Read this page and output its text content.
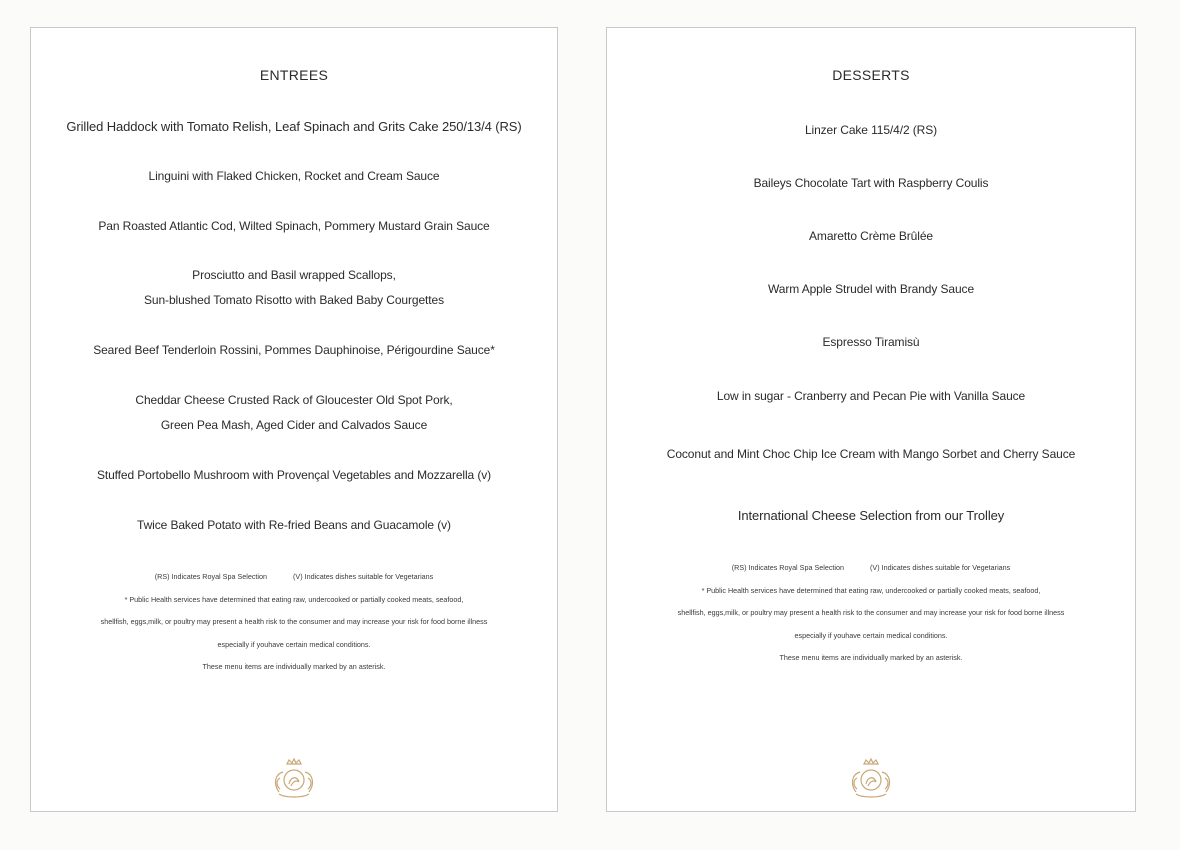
ENTREES
Grilled Haddock with Tomato Relish, Leaf Spinach and Grits Cake 250/13/4 (RS)
Linguini with Flaked Chicken, Rocket and Cream Sauce
Pan Roasted Atlantic Cod, Wilted Spinach, Pommery Mustard Grain Sauce
Prosciutto and Basil wrapped Scallops,
Sun-blushed Tomato Risotto with Baked Baby Courgettes
Seared Beef Tenderloin Rossini, Pommes Dauphinoise, Périgourdine Sauce*
Cheddar Cheese Crusted Rack of Gloucester Old Spot Pork,
Green Pea Mash, Aged Cider and Calvados Sauce
Stuffed Portobello Mushroom with Provençal Vegetables and Mozzarella (v)
Twice Baked Potato with Re-fried Beans and Guacamole (v)
(RS) Indicates Royal Spa Selection	(V) Indicates dishes suitable for Vegetarians
* Public Health services have determined that eating raw, undercooked or partially cooked meats, seafood,
shellfish, eggs,milk, or poultry may present a health risk to the consumer and may increase your risk for food borne illness
especially if youhave certain medical conditions.
These menu items are individually marked by an asterisk.
DESSERTS
Linzer Cake 115/4/2 (RS)
Baileys Chocolate Tart with Raspberry Coulis
Amaretto Crème Brûlée
Warm Apple Strudel with Brandy Sauce
Espresso Tiramisù
Low in sugar - Cranberry and Pecan Pie with Vanilla Sauce
Coconut and Mint Choc Chip Ice Cream with Mango Sorbet and Cherry Sauce
International Cheese Selection from our Trolley
(RS) Indicates Royal Spa Selection	(V) Indicates dishes suitable for Vegetarians
* Public Health services have determined that eating raw, undercooked or partially cooked meats, seafood,
shellfish, eggs,milk, or poultry may present a health risk to the consumer and may increase your risk for food borne illness
especially if youhave certain medical conditions.
These menu items are individually marked by an asterisk.
